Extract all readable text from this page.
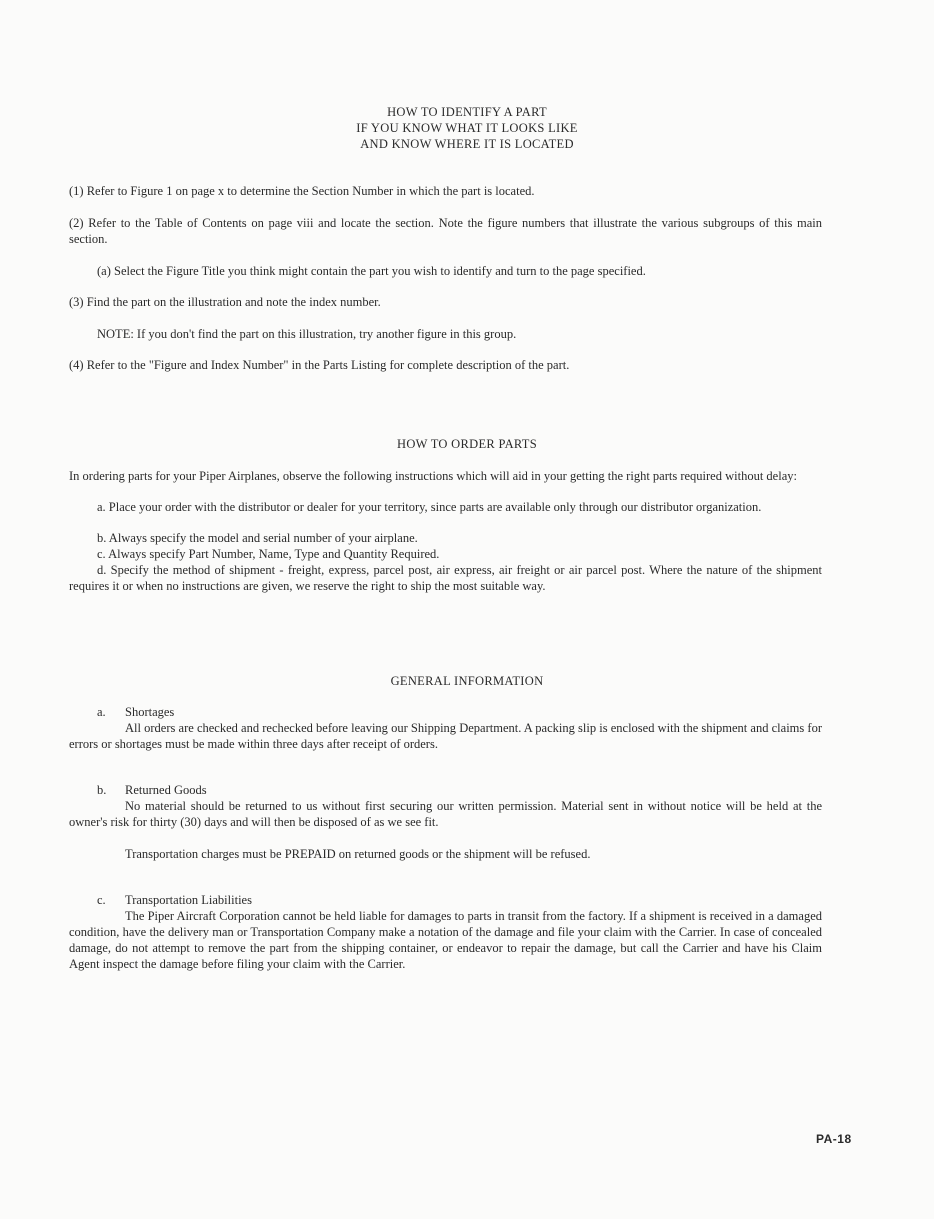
HOW TO IDENTIFY A PART
IF YOU KNOW WHAT IT LOOKS LIKE
AND KNOW WHERE IT IS LOCATED
(1) Refer to Figure 1 on page x to determine the Section Number in which the part is located.
(2) Refer to the Table of Contents on page viii and locate the section. Note the figure numbers that illustrate the various subgroups of this main section.
(a) Select the Figure Title you think might contain the part you wish to identify and turn to the page specified.
(3) Find the part on the illustration and note the index number.
NOTE: If you don't find the part on this illustration, try another figure in this group.
(4) Refer to the "Figure and Index Number" in the Parts Listing for complete description of the part.
HOW TO ORDER PARTS
In ordering parts for your Piper Airplanes, observe the following instructions which will aid in your getting the right parts required without delay:
a. Place your order with the distributor or dealer for your territory, since parts are available only through our distributor organization.
b. Always specify the model and serial number of your airplane.
c. Always specify Part Number, Name, Type and Quantity Required.
d. Specify the method of shipment - freight, express, parcel post, air express, air freight or air parcel post. Where the nature of the shipment requires it or when no instructions are given, we reserve the right to ship the most suitable way.
GENERAL INFORMATION
a. Shortages
All orders are checked and rechecked before leaving our Shipping Department. A packing slip is enclosed with the shipment and claims for errors or shortages must be made within three days after receipt of orders.
b. Returned Goods
No material should be returned to us without first securing our written permission. Material sent in without notice will be held at the owner's risk for thirty (30) days and will then be disposed of as we see fit.
Transportation charges must be PREPAID on returned goods or the shipment will be refused.
c. Transportation Liabilities
The Piper Aircraft Corporation cannot be held liable for damages to parts in transit from the factory. If a shipment is received in a damaged condition, have the delivery man or Transportation Company make a notation of the damage and file your claim with the Carrier. In case of concealed damage, do not attempt to remove the part from the shipping container, or endeavor to repair the damage, but call the Carrier and have his Claim Agent inspect the damage before filing your claim with the Carrier.
PA-18
